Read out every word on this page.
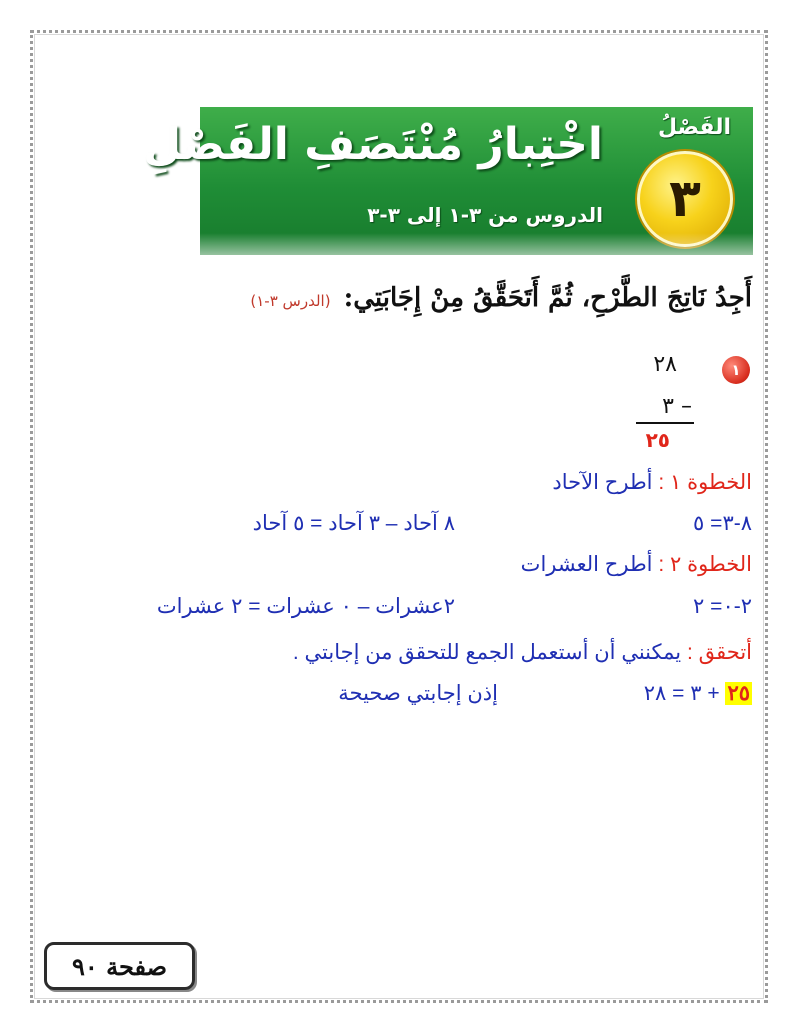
اخْتِبارُ مُنْتَصَفِ الفَصْلِ
الدروس من ٣-١ إلى ٣-٣
الفَصْلُ
٣
أَجِدُ نَاتِجَ الطَّرْحِ، ثُمَّ أَتَحَقَّقُ مِنْ إِجَابَتِي: (الدرس ٣-١)
١
٢٨
٣ –
٢٥
الخطوة ١ : أطرح الآحاد
٨-٣= ٥
٨ آحاد – ٣ آحاد = ٥ آحاد
الخطوة ٢ : أطرح العشرات
٢-٠= ٢
٢عشرات – ٠ عشرات = ٢ عشرات
أتحقق : يمكنني أن أستعمل الجمع للتحقق من إجابتي .
٢٥ + ٣ = ٢٨
إذن إجابتي صحيحة
صفحة ٩٠
